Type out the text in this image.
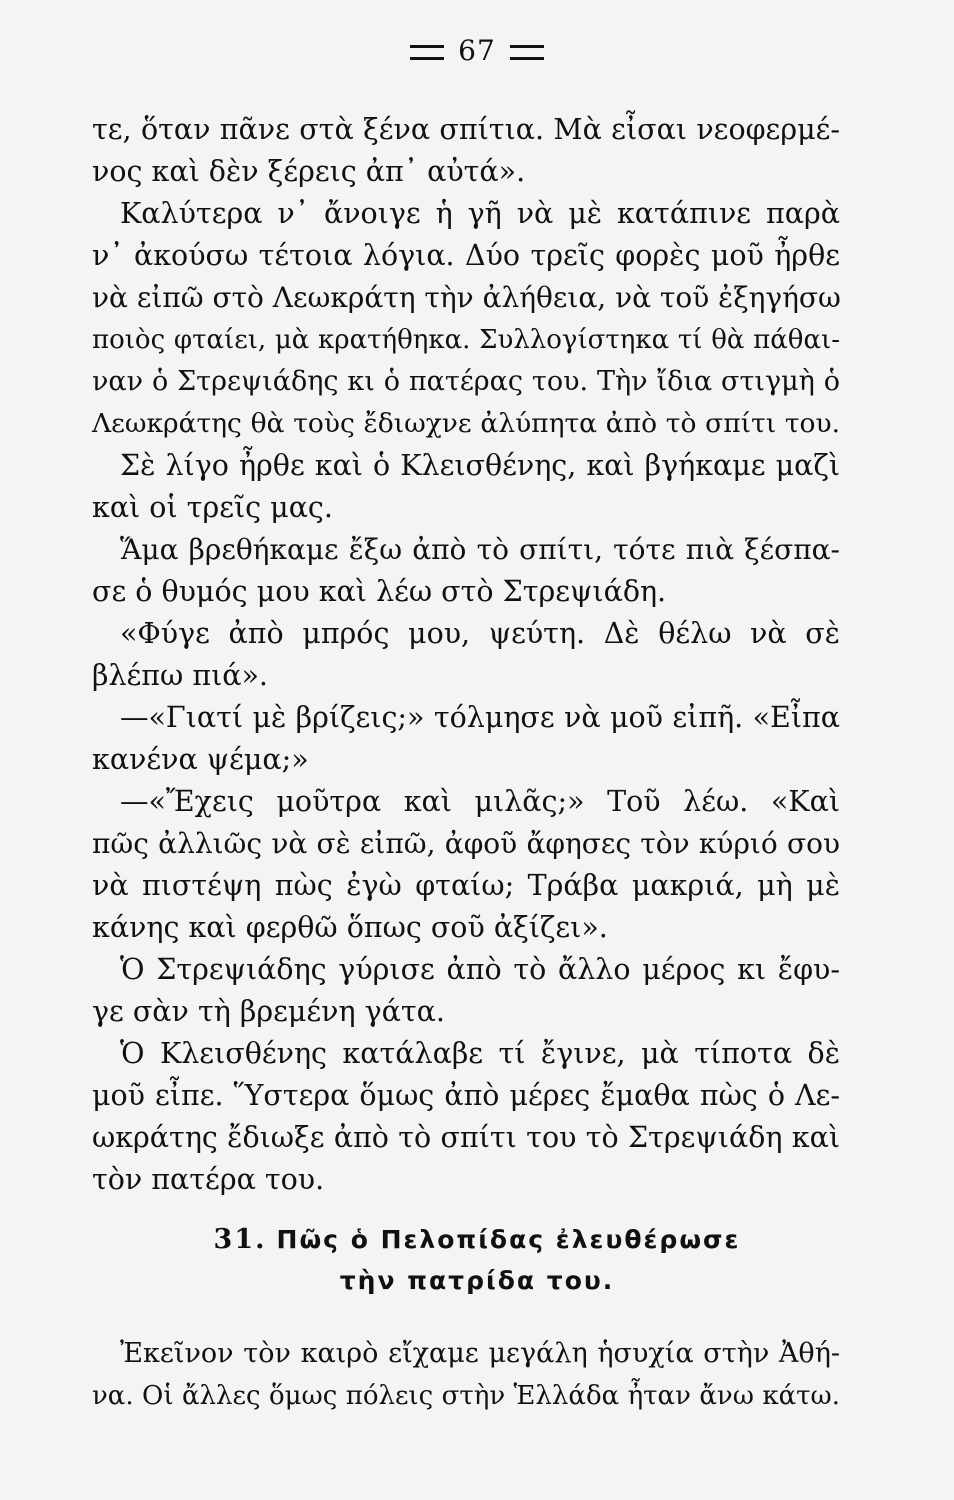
67
τε, ὅταν πᾶνε στὰ ξένα σπίτια. Μὰ εἶσαι νεοφερμέ-
νος καὶ δὲν ξέρεις ἀπ᾽ αὐτά».
Καλύτερα ν᾽ ἄνοιγε ἡ γῆ νὰ μὲ κατάπινε παρὰ
ν᾽ ἀκούσω τέτοια λόγια. Δύο τρεῖς φορὲς μοῦ ἦρθε
νὰ εἰπῶ στὸ Λεωκράτη τὴν ἀλήθεια, νὰ τοῦ ἐξηγήσω
ποιὸς φταίει, μὰ κρατήθηκα. Συλλογίστηκα τί θὰ πάθαι-
ναν ὁ Στρεψιάδης κι ὁ πατέρας του. Τὴν ἴδια στιγμὴ ὁ
Λεωκράτης θὰ τοὺς ἔδιωχνε ἀλύπητα ἀπὸ τὸ σπίτι του.
Σὲ λίγο ἦρθε καὶ ὁ Κλεισθένης, καὶ βγήκαμε μαζὶ
καὶ οἱ τρεῖς μας.
Ἅμα βρεθήκαμε ἔξω ἀπὸ τὸ σπίτι, τότε πιὰ ξέσπα-
σε ὁ θυμός μου καὶ λέω στὸ Στρεψιάδη.
«Φύγε ἀπὸ μπρός μου, ψεύτη. Δὲ θέλω νὰ σὲ
βλέπω πιά».
—«Γιατί μὲ βρίζεις;» τόλμησε νὰ μοῦ εἰπῆ. «Εἶπα
κανένα ψέμα;»
—«Ἔχεις μοῦτρα καὶ μιλᾶς;» Τοῦ λέω. «Καὶ
πῶς ἀλλιῶς νὰ σὲ εἰπῶ, ἀφοῦ ἄφησες τὸν κύριό σου
νὰ πιστέψη πὼς ἐγὼ φταίω; Τράβα μακριά, μὴ μὲ
κάνης καὶ φερθῶ ὅπως σοῦ ἀξίζει».
Ὁ Στρεψιάδης γύρισε ἀπὸ τὸ ἄλλο μέρος κι ἔφυ-
γε σὰν τὴ βρεμένη γάτα.
Ὁ Κλεισθένης κατάλαβε τί ἔγινε, μὰ τίποτα δὲ
μοῦ εἶπε. Ὕστερα ὅμως ἀπὸ μέρες ἔμαθα πὼς ὁ Λε-
ωκράτης ἔδιωξε ἀπὸ τὸ σπίτι του τὸ Στρεψιάδη καὶ
τὸν πατέρα του.
31. Πῶς ὁ Πελοπίδας ἐλευθέρωσε
τὴν πατρίδα του.
Ἐκεῖνον τὸν καιρὸ εἴχαμε μεγάλη ἡσυχία στὴν Ἀθή-
να. Οἱ ἄλλες ὅμως πόλεις στὴν Ἑλλάδα ἦταν ἄνω κάτω.
